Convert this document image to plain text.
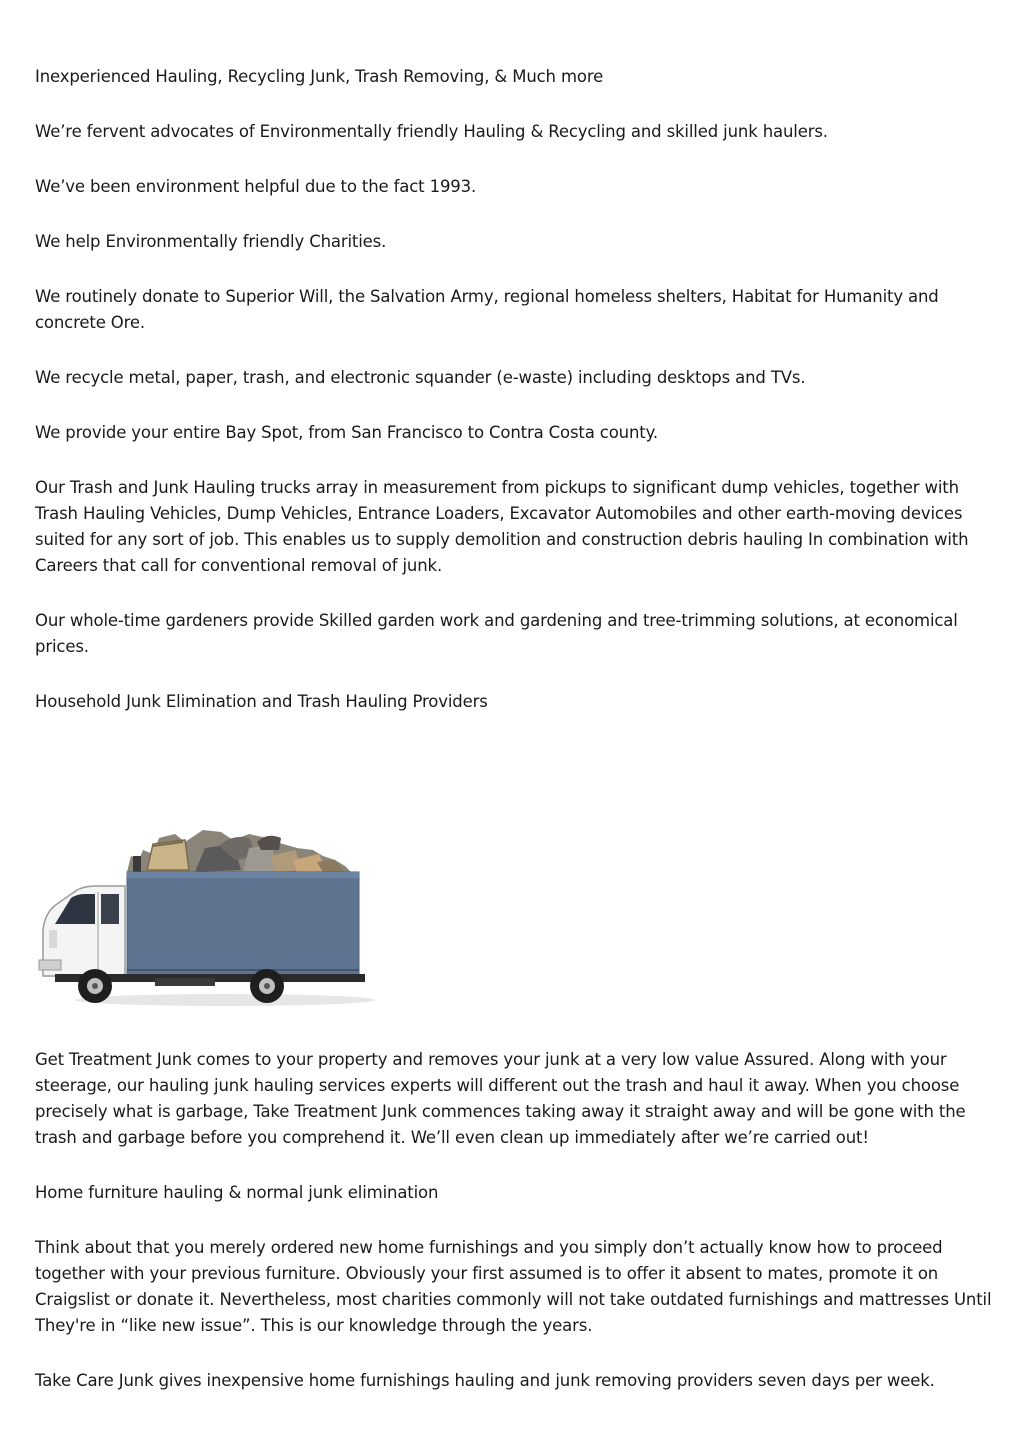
Inexperienced Hauling, Recycling Junk, Trash Removing, & Much more

We’re fervent advocates of Environmentally friendly Hauling & Recycling and skilled junk haulers.

We’ve been environment helpful due to the fact 1993.

We help Environmentally friendly Charities.

We routinely donate to Superior Will, the Salvation Army, regional homeless shelters, Habitat for Humanity and concrete Ore.

We recycle metal, paper, trash, and electronic squander (e-waste) including desktops and TVs.

We provide your entire Bay Spot, from San Francisco to Contra Costa county.

Our Trash and Junk Hauling trucks array in measurement from pickups to significant dump vehicles, together with Trash Hauling Vehicles, Dump Vehicles, Entrance Loaders, Excavator Automobiles and other earth-moving devices suited for any sort of job. This enables us to supply demolition and construction debris hauling In combination with Careers that call for conventional removal of junk.

Our whole-time gardeners provide Skilled garden work and gardening and tree-trimming solutions, at economical prices.

Household Junk Elimination and Trash Hauling Providers

Get Treatment Junk comes to your property and removes your junk at a very low value Assured. Along with your steerage, our hauling junk hauling services experts will different out the trash and haul it away. When you choose precisely what is garbage, Take Treatment Junk commences taking away it straight away and will be gone with the trash and garbage before you comprehend it. We’ll even clean up immediately after we’re carried out!

Home furniture hauling & normal junk elimination

Think about that you merely ordered new home furnishings and you simply don’t actually know how to proceed together with your previous furniture. Obviously your first assumed is to offer it absent to mates, promote it on Craigslist or donate it. Nevertheless, most charities commonly will not take outdated furnishings and mattresses Until They're in “like new issue”. This is our knowledge through the years.

Take Care Junk gives inexpensive home furnishings hauling and junk removing providers seven days per week.
